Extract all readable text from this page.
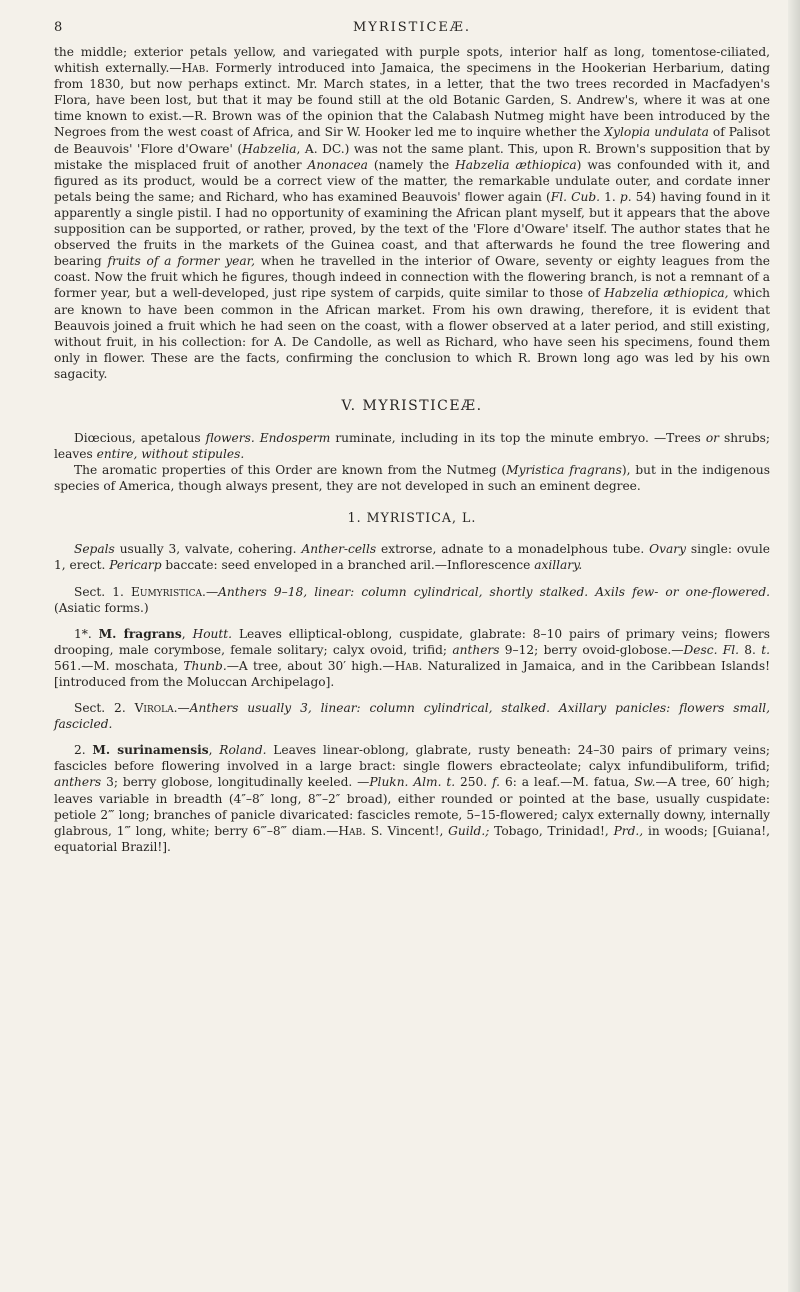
8	MYRISTICEÆ.

the middle; exterior petals yellow, and variegated with purple spots, interior half as long, tomentose-ciliated, whitish externally.—Hab. Formerly introduced into Jamaica, the specimens in the Hookerian Herbarium, dating from 1830, but now perhaps extinct. Mr. March states, in a letter, that the two trees recorded in Macfadyen's Flora, have been lost, but that it may be found still at the old Botanic Garden, S. Andrew's, where it was at one time known to exist.—R. Brown was of the opinion that the Calabash Nutmeg might have been introduced by the Negroes from the west coast of Africa, and Sir W. Hooker led me to inquire whether the Xylopia undulata of Palisot de Beauvois' 'Flore d'Oware' (Habzelia, A. DC.) was not the same plant. This, upon R. Brown's supposition that by mistake the misplaced fruit of another Anonacea (namely the Habzelia æthiopica) was confounded with it, and figured as its product, would be a correct view of the matter, the remarkable undulate outer, and cordate inner petals being the same; and Richard, who has examined Beauvois' flower again (Fl. Cub. 1. p. 54) having found in it apparently a single pistil. I had no opportunity of examining the African plant myself, but it appears that the above supposition can be supported, or rather, proved, by the text of the 'Flore d'Oware' itself. The author states that he observed the fruits in the markets of the Guinea coast, and that afterwards he found the tree flowering and bearing fruits of a former year, when he travelled in the interior of Oware, seventy or eighty leagues from the coast. Now the fruit which he figures, though indeed in connection with the flowering branch, is not a remnant of a former year, but a well-developed, just ripe system of carpids, quite similar to those of Habzelia æthiopica, which are known to have been common in the African market. From his own drawing, therefore, it is evident that Beauvois joined a fruit which he had seen on the coast, with a flower observed at a later period, and still existing, without fruit, in his collection: for A. De Candolle, as well as Richard, who have seen his specimens, found them only in flower. These are the facts, confirming the conclusion to which R. Brown long ago was led by his own sagacity.

V. MYRISTICEÆ.

Diœcious, apetalous flowers. Endosperm ruminate, including in its top the minute embryo. —Trees or shrubs; leaves entire, without stipules.

The aromatic properties of this Order are known from the Nutmeg (Myristica fragrans), but in the indigenous species of America, though always present, they are not developed in such an eminent degree.

1. MYRISTICA, L.

Sepals usually 3, valvate, cohering. Anther-cells extrorse, adnate to a monadelphous tube. Ovary single: ovule 1, erect. Pericarp baccate: seed enveloped in a branched aril.—Inflorescence axillary.

Sect. 1. Eumyristica.—Anthers 9–18, linear: column cylindrical, shortly stalked. Axils few- or one-flowered. (Asiatic forms.)

1*. M. fragrans, Houtt. Leaves elliptical-oblong, cuspidate, glabrate: 8–10 pairs of primary veins; flowers drooping, male corymbose, female solitary; calyx ovoid, trifid; anthers 9–12; berry ovoid-globose.—Desc. Fl. 8. t. 561.—M. moschata, Thunb.—A tree, about 30′ high.—Hab. Naturalized in Jamaica, and in the Caribbean Islands! [introduced from the Moluccan Archipelago].

Sect. 2. Virola.—Anthers usually 3, linear: column cylindrical, stalked. Axillary panicles: flowers small, fascicled.

2. M. surinamensis, Roland. Leaves linear-oblong, glabrate, rusty beneath: 24–30 pairs of primary veins; fascicles before flowering involved in a large bract: single flowers ebracteolate; calyx infundibuliform, trifid; anthers 3; berry globose, longitudinally keeled. —Plukn. Alm. t. 250. f. 6: a leaf.—M. fatua, Sw.—A tree, 60′ high; leaves variable in breadth (4″–8″ long, 8‴–2″ broad), either rounded or pointed at the base, usually cuspidate: petiole 2‴ long; branches of panicle divaricated: fascicles remote, 5–15-flowered; calyx externally downy, internally glabrous, 1‴ long, white; berry 6‴–8‴ diam.—Hab. S. Vincent!, Guild.; Tobago, Trinidad!, Prd., in woods; [Guiana!, equatorial Brazil!].
